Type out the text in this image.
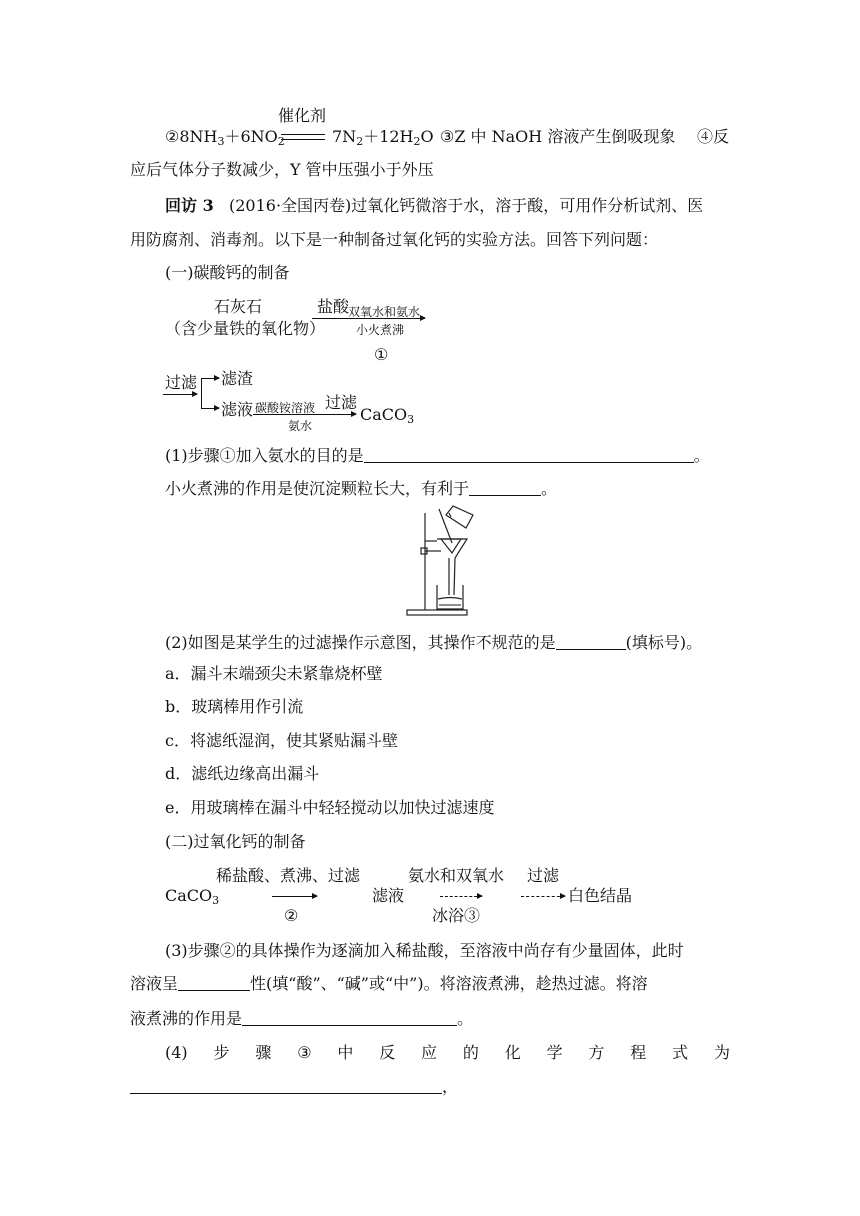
催化剂
$②8NH_3+6NO_2$	$7N_2+12H_2O$ ③Z 中 NaOH 溶液产生倒吸现象 ④反
应后气体分子数减少，Y 管中压强小于外压
回访 3 (2016·全国丙卷)过氧化钙微溶于水，溶于酸，可用作分析试剂、医
用防腐剂、消毒剂。以下是一种制备过氧化钙的实验方法。回答下列问题：
(一)碳酸钙的制备
石灰石
（含少量铁的氧化物）
盐酸
双氧水和氨水
小火煮沸
①
过滤 滤渣
滤液 碳酸铵溶液 过滤
氨水
CaCO$_3$
(1)步骤①加入氨水的目的是	。
小火煮沸的作用是使沉淀颗粒长大，有利于	。
(2)如图是某学生的过滤操作示意图，其操作不规范的是	(填标号)。
a．漏斗末端颈尖未紧靠烧杯壁
b．玻璃棒用作引流
c．将滤纸湿润，使其紧贴漏斗壁
d．滤纸边缘高出漏斗
e．用玻璃棒在漏斗中轻轻搅动以加快过滤速度
(二)过氧化钙的制备
稀盐酸、煮沸、过滤
CaCO$_3$
②
滤液
氨水和双氧水
冰浴③
过滤
白色结晶
(3)步骤②的具体操作为逐滴加入稀盐酸，至溶液中尚存有少量固体，此时
溶液呈	性(填“酸”、“碱”或“中”)。将溶液煮沸，趁热过滤。将溶
液煮沸的作用是	。
(4) 步 骤 ③ 中 反 应 的 化 学 方 程 式 为
，
